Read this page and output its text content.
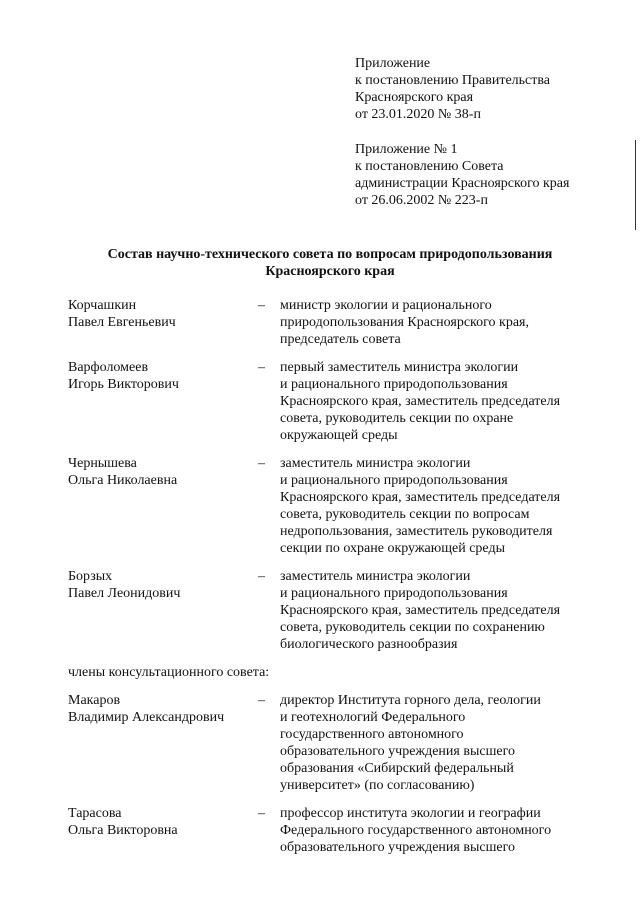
Приложение
к постановлению Правительства
Красноярского края
от 23.01.2020 № 38-п
Приложение № 1
к постановлению Совета
администрации Красноярского края
от 26.06.2002 № 223-п
Состав научно-технического совета по вопросам природопользования
Красноярского края
Корчашкин
Павел Евгеньевич
–	министр экологии и рационального
природопользования Красноярского края,
председатель совета
Варфоломеев
Игорь Викторович
–	первый заместитель министра экологии
и рационального природопользования
Красноярского края, заместитель председателя
совета, руководитель секции по охране
окружающей среды
Чернышева
Ольга Николаевна
–	заместитель министра экологии
и рационального природопользования
Красноярского края, заместитель председателя
совета, руководитель секции по вопросам
недропользования, заместитель руководителя
секции по охране окружающей среды
Борзых
Павел Леонидович
–	заместитель министра экологии
и рационального природопользования
Красноярского края, заместитель председателя
совета, руководитель секции по сохранению
биологического разнообразия
члены консультационного совета:
Макаров
Владимир Александрович
–	директор Института горного дела, геологии
и геотехнологий Федерального
государственного автономного
образовательного учреждения высшего
образования «Сибирский федеральный
университет» (по согласованию)
Тарасова
Ольга Викторовна
–	профессор института экологии и географии
Федерального государственного автономного
образовательного учреждения высшего
